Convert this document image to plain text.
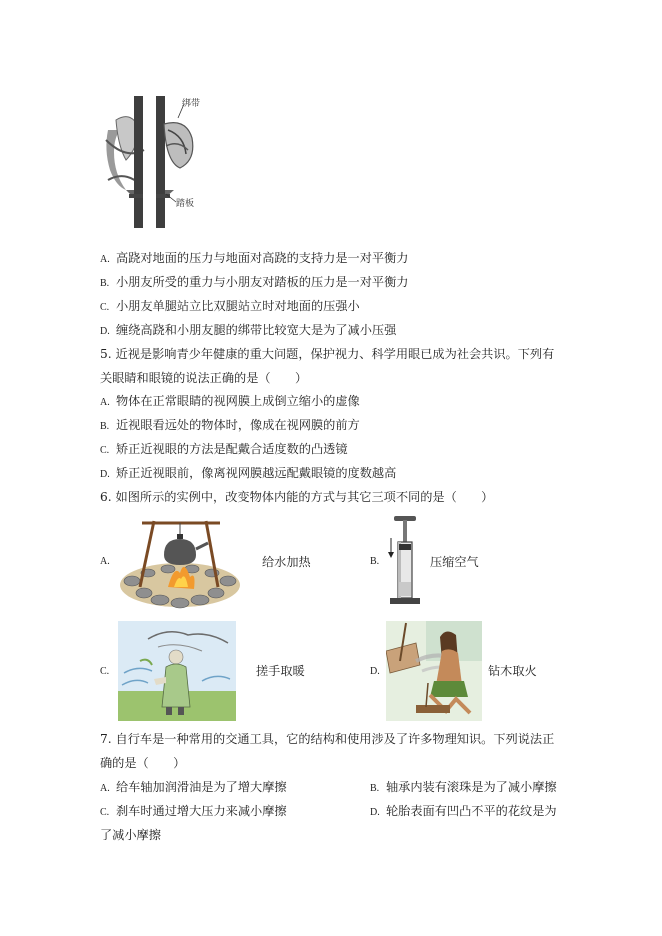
绑带
踏板
A. 高跷对地面的压力与地面对高跷的支持力是一对平衡力
B. 小朋友所受的重力与小朋友对踏板的压力是一对平衡力
C. 小朋友单腿站立比双腿站立时对地面的压强小
D. 缠绕高跷和小朋友腿的绑带比较宽大是为了减小压强
5. 近视是影响青少年健康的重大问题，保护视力、科学用眼已成为社会共识。下列有
关眼睛和眼镜的说法正确的是（　　）
A. 物体在正常眼睛的视网膜上成倒立缩小的虚像
B. 近视眼看远处的物体时，像成在视网膜的前方
C. 矫正近视眼的方法是配戴合适度数的凸透镜
D. 矫正近视眼前，像离视网膜越远配戴眼镜的度数越高
6. 如图所示的实例中，改变物体内能的方式与其它三项不同的是（　　）
A.	给水加热	B.	压缩空气
C.	搓手取暖	D.	钻木取火
7. 自行车是一种常用的交通工具，它的结构和使用涉及了许多物理知识。下列说法正
确的是（　　）
A. 给车轴加润滑油是为了增大摩擦	B. 轴承内装有滚珠是为了减小摩擦
C. 刹车时通过增大压力来减小摩擦	D. 轮胎表面有凹凸不平的花纹是为
了减小摩擦
